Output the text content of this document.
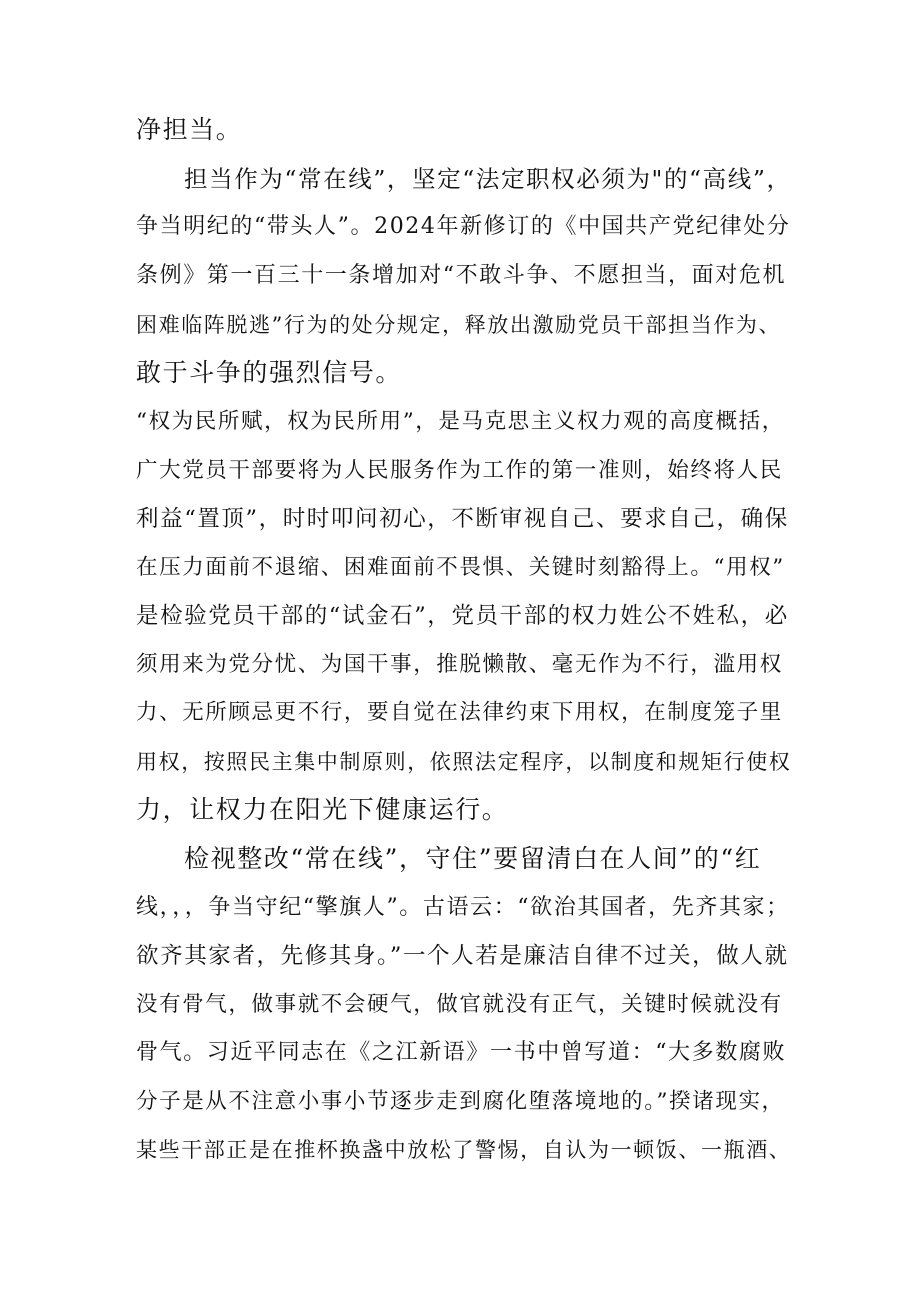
净担当。
担当作为“常在线”，坚定“法定职权必须为"的“高线”，
争当明纪的“带头人”。2024年新修订的《中国共产党纪律处分
条例》第一百三十一条增加对“不敢斗争、不愿担当，面对危机
困难临阵脱逃”行为的处分规定，释放出激励党员干部担当作为、
敢于斗争的强烈信号。
“权为民所赋，权为民所用”，是马克思主义权力观的高度概括，
广大党员干部要将为人民服务作为工作的第一准则，始终将人民
利益“置顶”，时时叩问初心，不断审视自己、要求自己，确保
在压力面前不退缩、困难面前不畏惧、关键时刻豁得上。“用权”
是检验党员干部的“试金石”，党员干部的权力姓公不姓私，必
须用来为党分忧、为国干事，推脱懒散、毫无作为不行，滥用权
力、无所顾忌更不行，要自觉在法律约束下用权，在制度笼子里
用权，按照民主集中制原则，依照法定程序，以制度和规矩行使权
力，让权力在阳光下健康运行。
检视整改“常在线”，守住”要留清白在人间”的“红
线，，，争当守纪“擎旗人”。古语云：“欲治其国者，先齐其家；
欲齐其家者，先修其身。”一个人若是廉洁自律不过关，做人就
没有骨气，做事就不会硬气，做官就没有正气，关键时候就没有
骨气。习近平同志在《之江新语》一书中曾写道：“大多数腐败
分子是从不注意小事小节逐步走到腐化堕落境地的。”揆诸现实，
某些干部正是在推杯换盏中放松了警惕，自认为一顿饭、一瓶酒、
